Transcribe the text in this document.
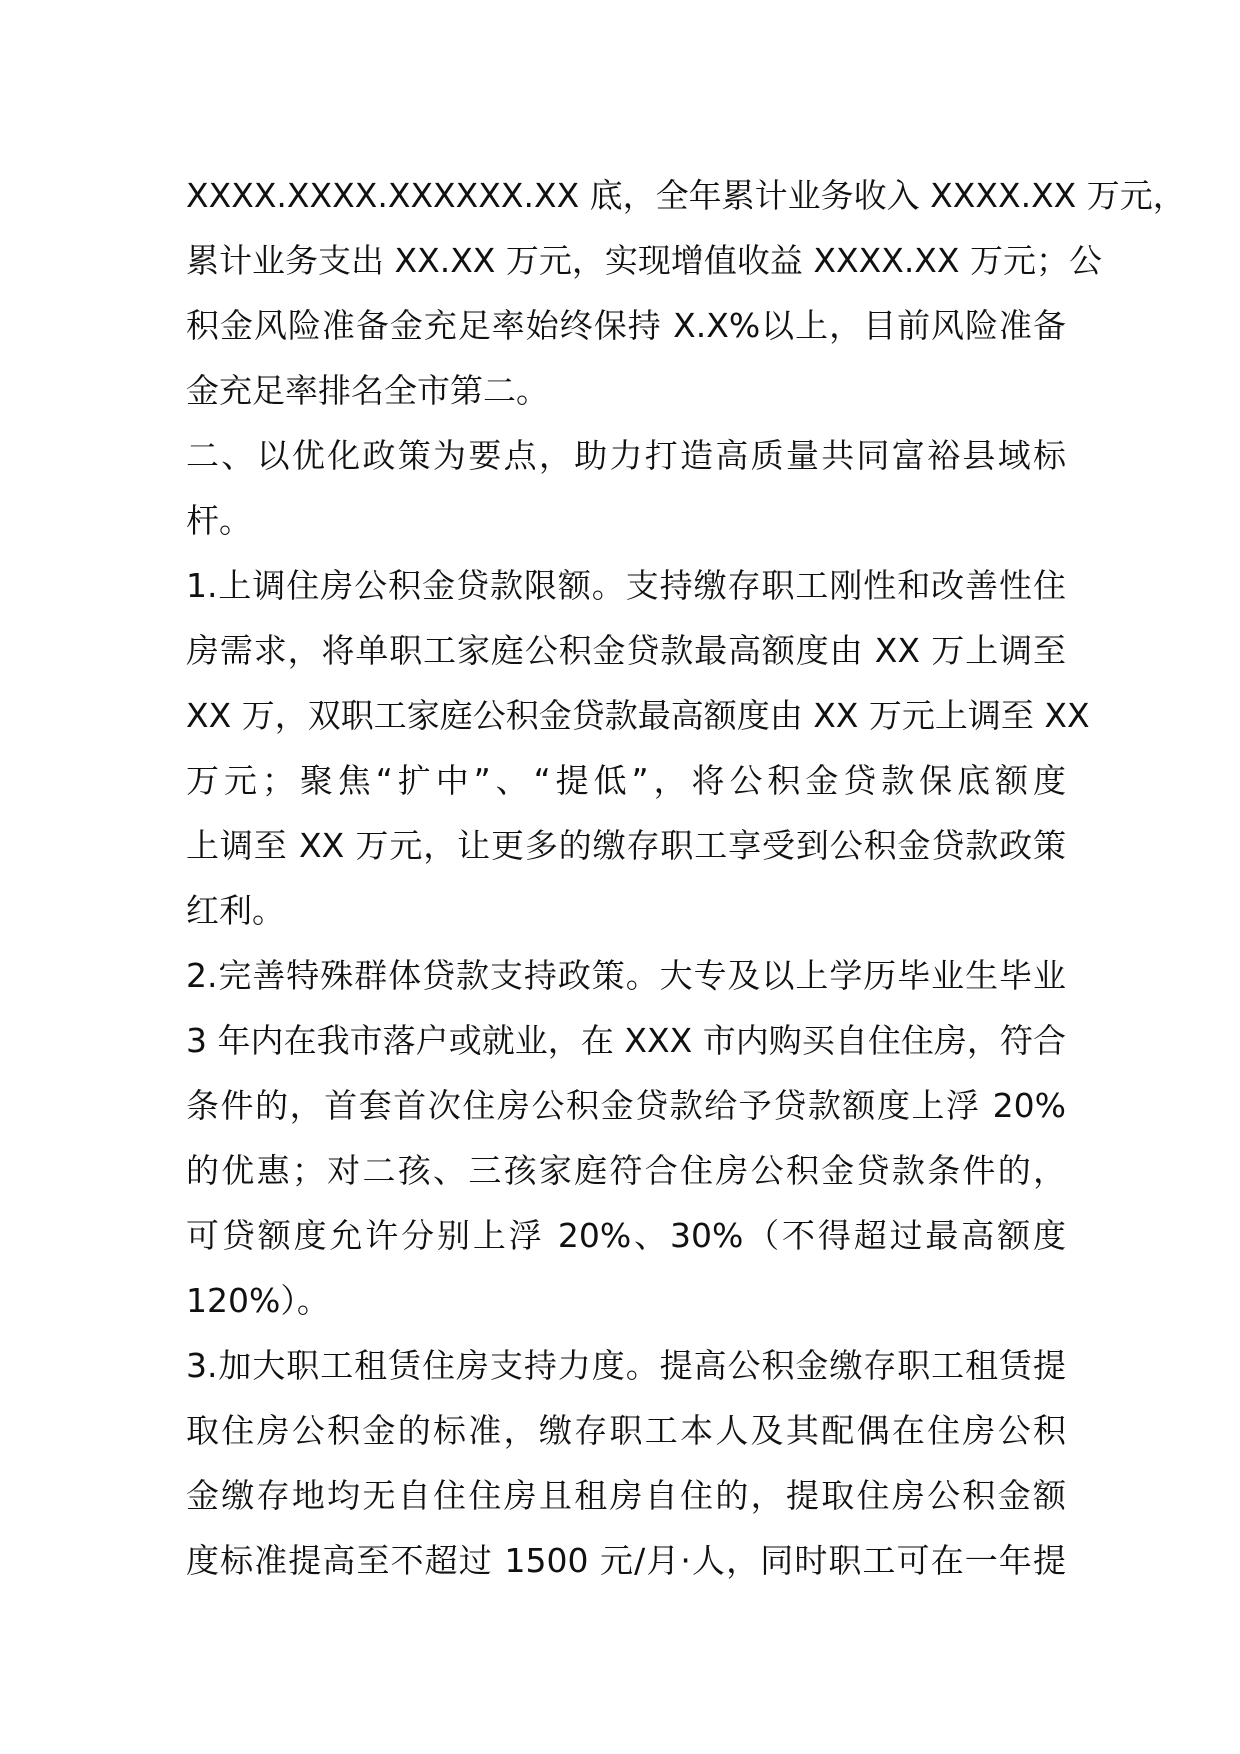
XXXX.XXXX.XXXXXX.XX 底，全年累计业务收入 XXXX.XX 万元，
累计业务支出 XX.XX 万元，实现增值收益 XXXX.XX 万元；公
积金风险准备金充足率始终保持 X.X%以上，目前风险准备
金充足率排名全市第二。
二、以优化政策为要点，助力打造高质量共同富裕县域标
杆。
1.上调住房公积金贷款限额。支持缴存职工刚性和改善性住
房需求，将单职工家庭公积金贷款最高额度由 XX 万上调至
XX 万，双职工家庭公积金贷款最高额度由 XX 万元上调至 XX
万元；聚焦“扩中”、“提低”，将公积金贷款保底额度
上调至 XX 万元，让更多的缴存职工享受到公积金贷款政策
红利。
2.完善特殊群体贷款支持政策。大专及以上学历毕业生毕业
3 年内在我市落户或就业，在 XXX 市内购买自住住房，符合
条件的，首套首次住房公积金贷款给予贷款额度上浮 20%
的优惠；对二孩、三孩家庭符合住房公积金贷款条件的，
可贷额度允许分别上浮 20%、30%（不得超过最高额度
120%）。
3.加大职工租赁住房支持力度。提高公积金缴存职工租赁提
取住房公积金的标准，缴存职工本人及其配偶在住房公积
金缴存地均无自住住房且租房自住的，提取住房公积金额
度标准提高至不超过 1500 元/月·人，同时职工可在一年提
